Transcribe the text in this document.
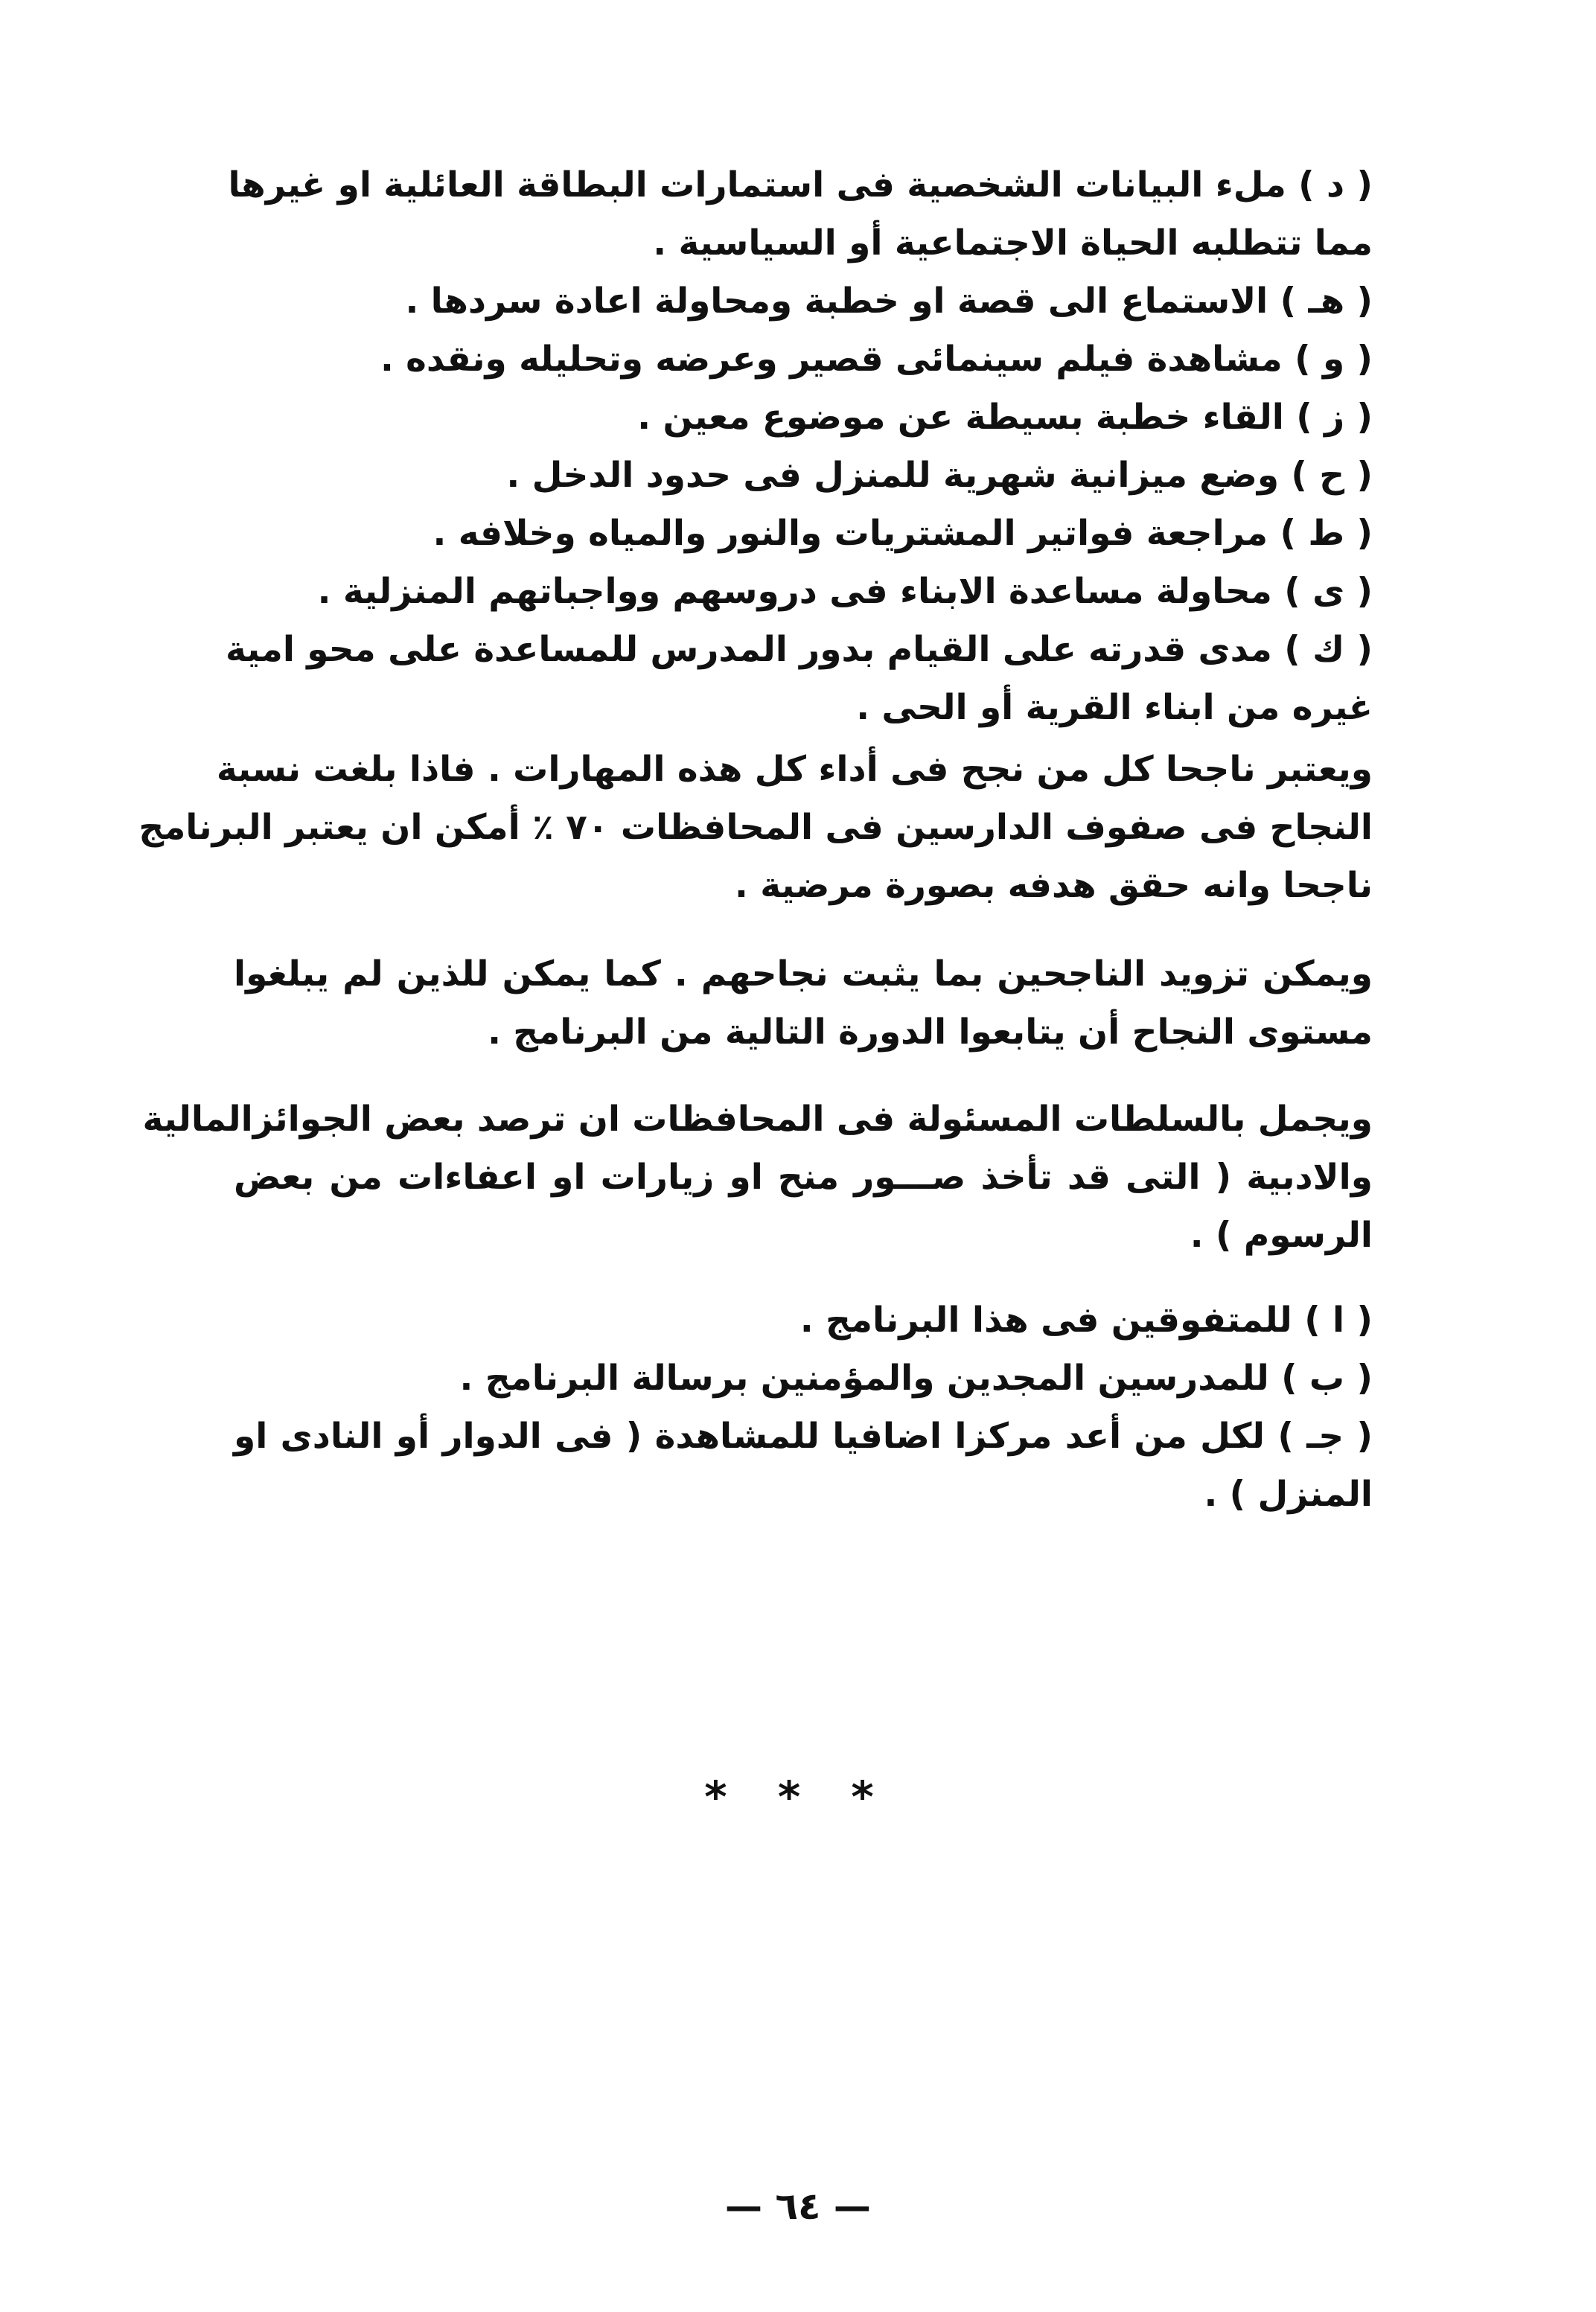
( د ) ملء البيانات الشخصية فى استمارات البطاقة العائلية او غيرها
مما تتطلبه الحياة الاجتماعية أو السياسية .
( هـ ) الاستماع الى قصة او خطبة ومحاولة اعادة سردها .
( و ) مشاهدة فيلم سينمائى قصير وعرضه وتحليله ونقده .
( ز ) القاء خطبة بسيطة عن موضوع معين .
( ح ) وضع ميزانية شهرية للمنزل فى حدود الدخل .
( ط ) مراجعة فواتير المشتريات والنور والمياه وخلافه .
( ى ) محاولة مساعدة الابناء فى دروسهم وواجباتهم المنزلية .
( ك ) مدى قدرته على القيام بدور المدرس للمساعدة على محو امية
غيره من ابناء القرية أو الحى .
ويعتبر ناجحا كل من نجح فى أداء كل هذه المهارات . فاذا بلغت نسبة
النجاح فى صفوف الدارسين فى المحافظات ٧٠ ٪ أمكن ان يعتبر البرنامج
ناجحا وانه حقق هدفه بصورة مرضية .
ويمكن تزويد الناجحين بما يثبت نجاحهم . كما يمكن للذين لم يبلغوا
مستوى النجاح أن يتابعوا الدورة التالية من البرنامج .
ويجمل بالسلطات المسئولة فى المحافظات ان ترصد بعض الجوائزالمالية
والادبية ( التى قد تأخذ صـــور منح او زيارات او اعفاءات من بعض
الرسوم ) .
( ا ) للمتفوقين فى هذا البرنامج .
( ب ) للمدرسين المجدين والمؤمنين برسالة البرنامج .
( جـ ) لكل من أعد مركزا اضافيا للمشاهدة ( فى الدوار أو النادى او
المنزل ) .
* * *
— ٦٤ —
